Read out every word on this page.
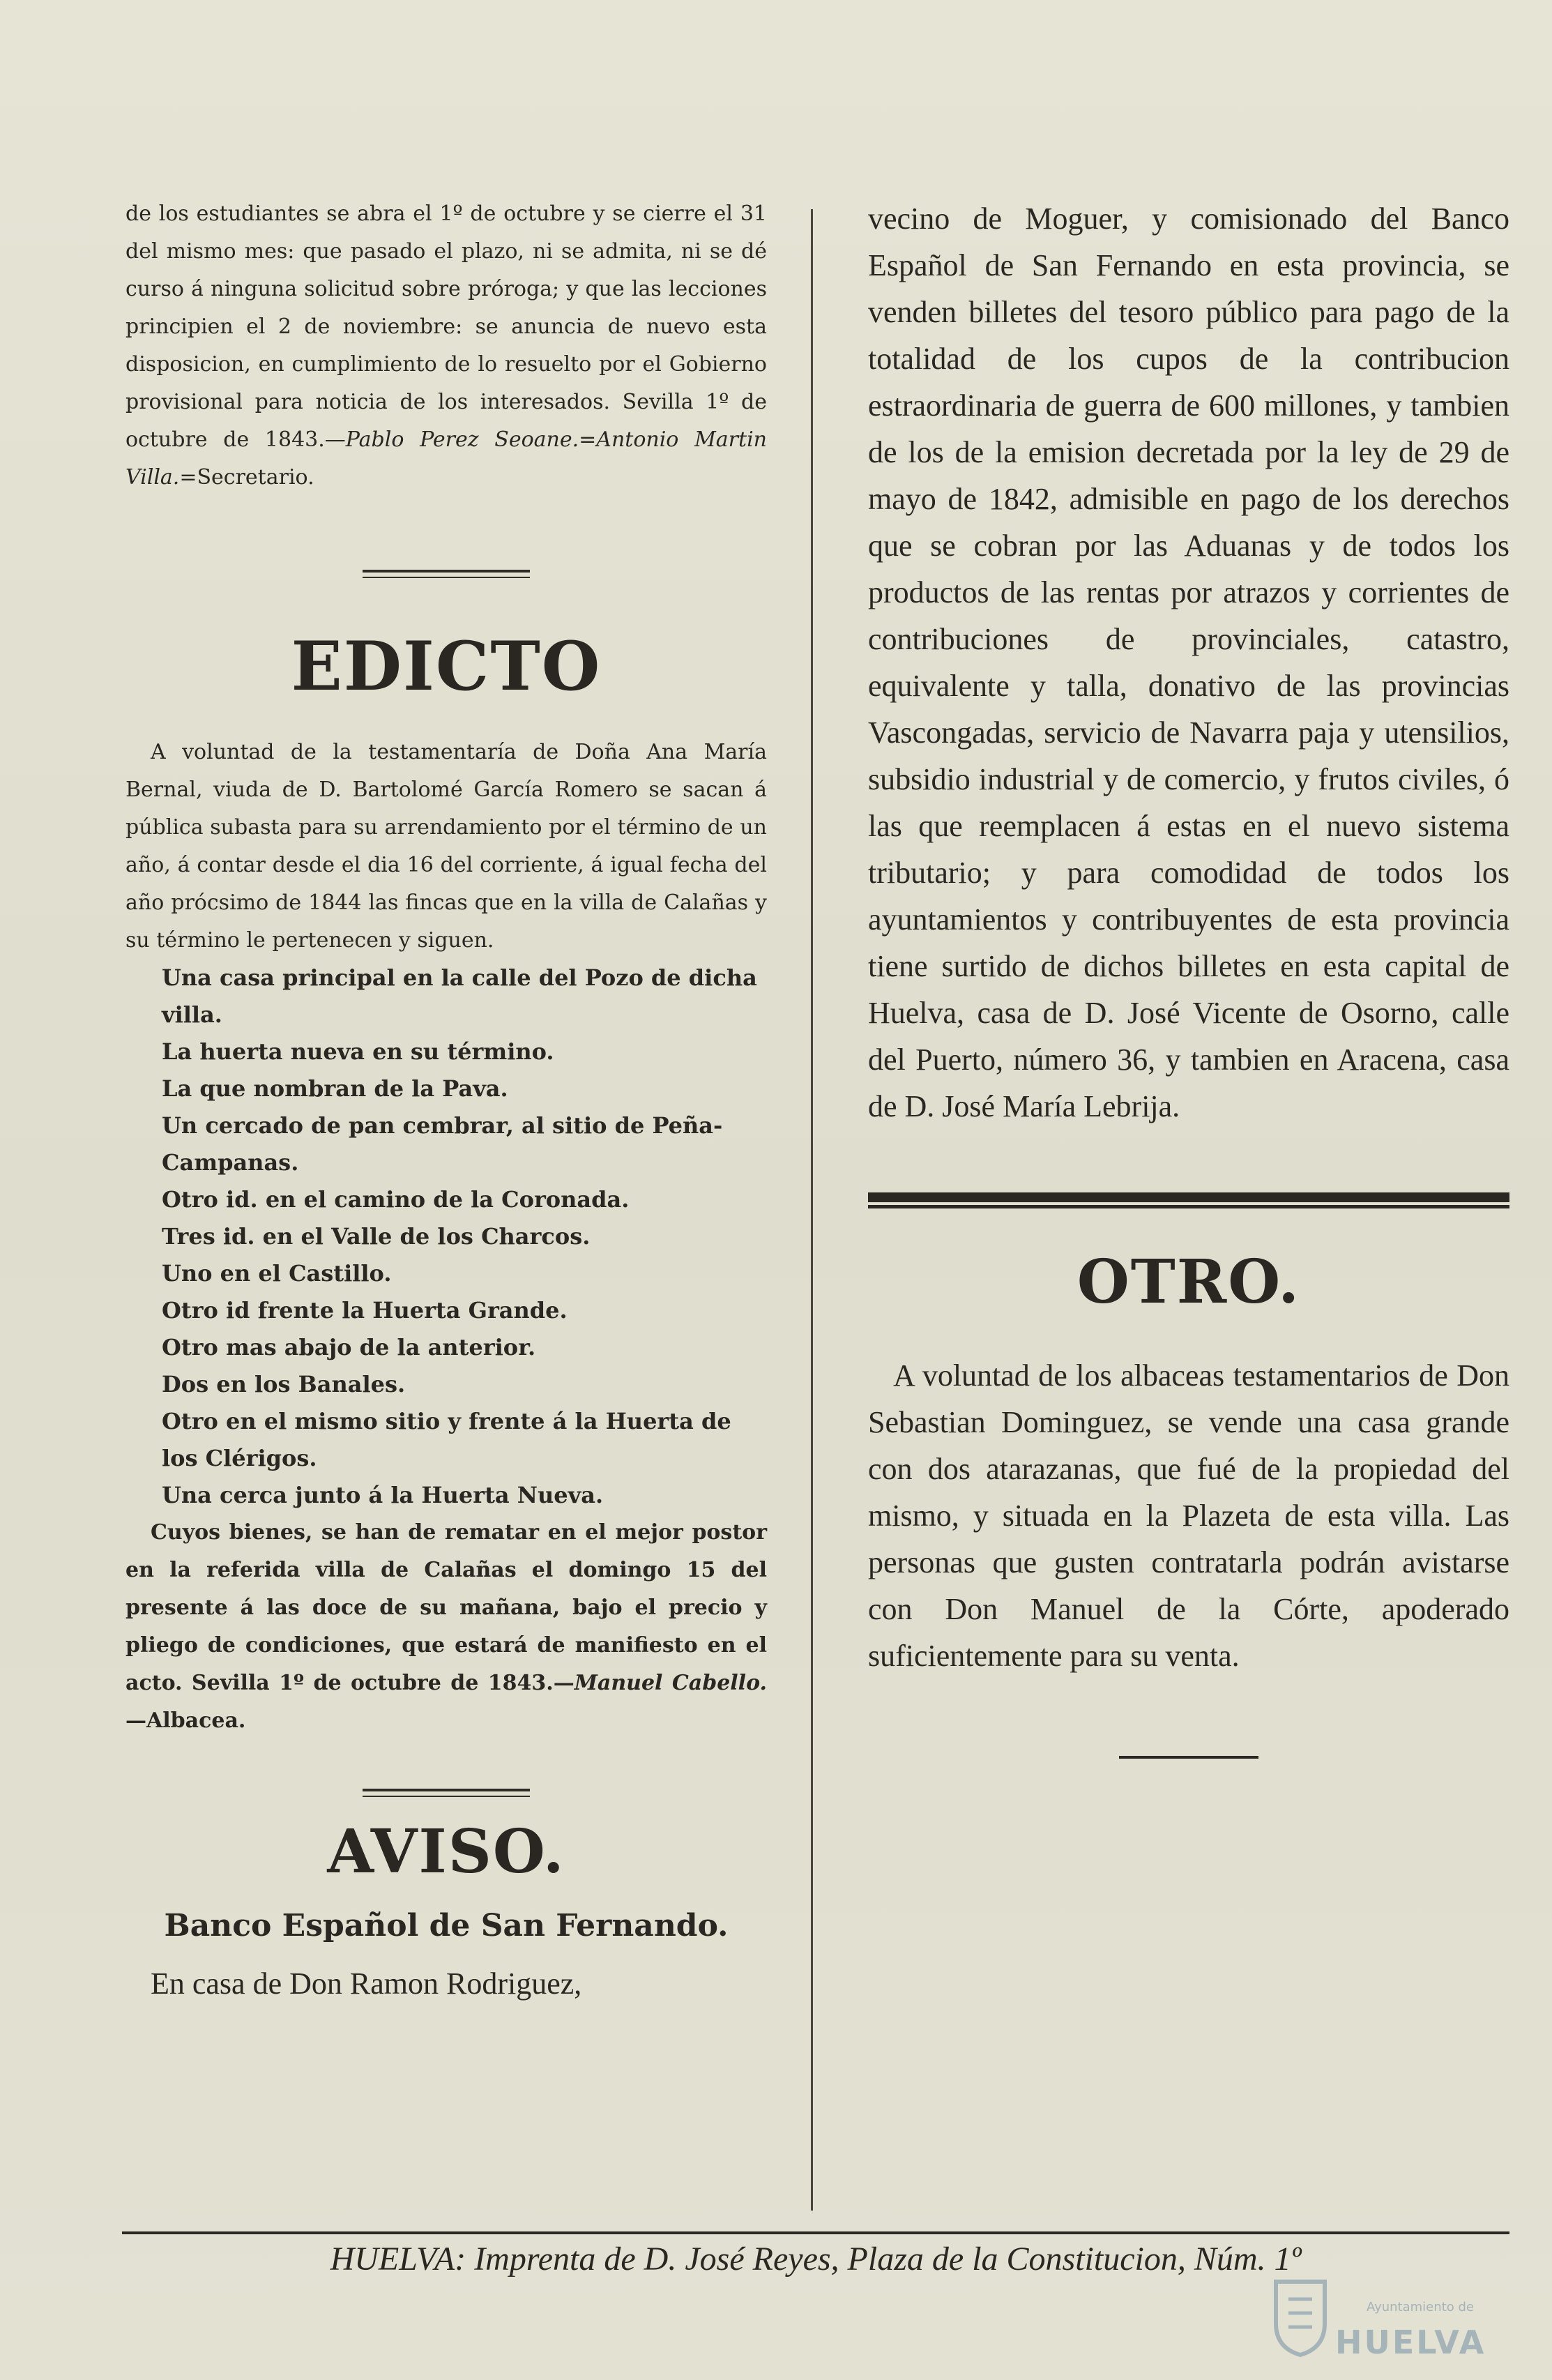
de los estudiantes se abra el 1º de octubre y se cierre el 31 del mismo mes: que pasado el plazo, ni se admita, ni se dé curso á ninguna solicitud sobre próroga; y que las lecciones principien el 2 de noviembre: se anuncia de nuevo esta disposicion, en cumplimiento de lo resuelto por el Gobierno provisional para noticia de los interesados. Sevilla 1º de octubre de 1843.—Pablo Perez Seoane.=Antonio Martin Villa.=Secretario.

EDICTO

A voluntad de la testamentaría de Doña Ana María Bernal, viuda de D. Bartolomé García Romero se sacan á pública subasta para su arrendamiento por el término de un año, á contar desde el dia 16 del corriente, á igual fecha del año prócsimo de 1844 las fincas que en la villa de Calañas y su término le pertenecen y siguen.

Una casa principal en la calle del Pozo de dicha villa.
La huerta nueva en su término.
La que nombran de la Pava.
Un cercado de pan cembrar, al sitio de Peña-Campanas.
Otro id. en el camino de la Coronada.
Tres id. en el Valle de los Charcos.
Uno en el Castillo.
Otro id frente la Huerta Grande.
Otro mas abajo de la anterior.
Dos en los Banales.
Otro en el mismo sitio y frente á la Huerta de los Clérigos.
Una cerca junto á la Huerta Nueva.

Cuyos bienes, se han de rematar en el mejor postor en la referida villa de Calañas el domingo 15 del presente á las doce de su mañana, bajo el precio y pliego de condiciones, que estará de manifiesto en el acto. Sevilla 1º de octubre de 1843.—Manuel Cabello.—Albacea.

AVISO.
Banco Español de San Fernando.

En casa de Don Ramon Rodriguez,

vecino de Moguer, y comisionado del Banco Español de San Fernando en esta provincia, se venden billetes del tesoro público para pago de la totalidad de los cupos de la contribucion estraordinaria de guerra de 600 millones, y tambien de los de la emision decretada por la ley de 29 de mayo de 1842, admisible en pago de los derechos que se cobran por las Aduanas y de todos los productos de las rentas por atrazos y corrientes de contribuciones de provinciales, catastro, equivalente y talla, donativo de las provincias Vascongadas, servicio de Navarra paja y utensilios, subsidio industrial y de comercio, y frutos civiles, ó las que reemplacen á estas en el nuevo sistema tributario; y para comodidad de todos los ayuntamientos y contribuyentes de esta provincia tiene surtido de dichos billetes en esta capital de Huelva, casa de D. José Vicente de Osorno, calle del Puerto, número 36, y tambien en Aracena, casa de D. José María Lebrija.

OTRO.

A voluntad de los albaceas testamentarios de Don Sebastian Dominguez, se vende una casa grande con dos atarazanas, que fué de la propiedad del mismo, y situada en la Plazeta de esta villa. Las personas que gusten contratarla podrán avistarse con Don Manuel de la Córte, apoderado suficientemente para su venta.

HUELVA: Imprenta de D. José Reyes, Plaza de la Constitucion, Núm. 1º
Ayuntamiento de
HUELVA
